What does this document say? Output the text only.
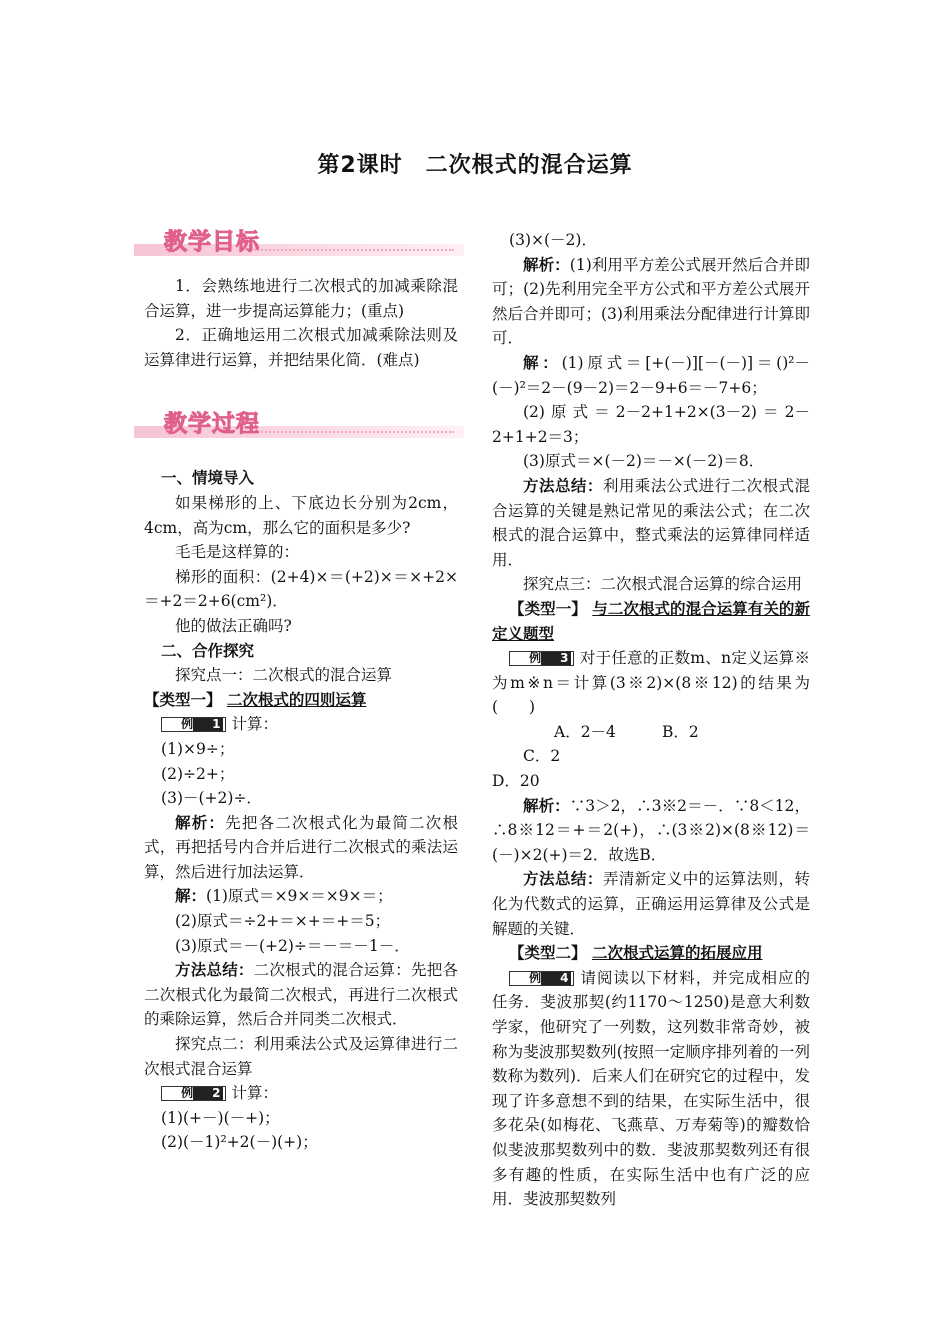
第2课时　二次根式的混合运算
教学目标

1．会熟练地进行二次根式的加减乘除混合运算，进一步提高运算能力；(重点)

2．正确地运用二次根式加减乘除法则及运算律进行运算，并把结果化简．(难点)

教学过程

一、情境导入

如果梯形的上、下底边长分别为2cm，4cm，高为cm，那么它的面积是多少?

毛毛是这样算的：

梯形的面积：(2+4)×＝(+2)×＝×+2×＝+2＝2+6(cm²)．

他的做法正确吗?

二、合作探究

探究点一：二次根式的混合运算

【类型一】 二次根式的四则运算

例 1 计算：

(1)×9÷；

(2)÷2+；

(3)－(+2)÷．

解析：先把各二次根式化为最简二次根式，再把括号内合并后进行二次根式的乘法运算，然后进行加法运算．

解：(1)原式＝×9×＝×9×＝；

(2)原式＝÷2+＝×+＝+＝5；

(3)原式＝－(+2)÷＝－＝－1－．

方法总结：二次根式的混合运算：先把各二次根式化为最简二次根式，再进行二次根式的乘除运算，然后合并同类二次根式．

探究点二：利用乘法公式及运算律进行二次根式混合运算

例 2 计算：

(1)(+－)(－+)；

(2)(－1)²+2(－)(+)；

(3)×(－2)．

解析：(1)利用平方差公式展开然后合并即可；(2)先利用完全平方公式和平方差公式展开然后合并即可；(3)利用乘法分配律进行计算即可．

解：(1)原式＝[+(－)][－(－)]＝()²－(－)²＝2－(9－2)＝2－9+6＝－7+6；

(2)原式＝2－2+1+2×(3－2)＝2－2+1+2＝3；

(3)原式＝×(－2)＝－×(－2)＝8．

方法总结：利用乘法公式进行二次根式混合运算的关键是熟记常见的乘法公式；在二次根式的混合运算中，整式乘法的运算律同样适用．

探究点三：二次根式混合运算的综合运用

【类型一】 与二次根式的混合运算有关的新定义题型

例 3 对于任意的正数m、n定义运算※为m※n＝计算(3※2)×(8※12)的结果为(　　)

A．2－4	B．2C．2

D．20

解析：∵3＞2，∴3※2＝－．∵8＜12，∴8※12＝+＝2(+)，∴(3※2)×(8※12)＝(－)×2(+)＝2．故选B．

方法总结：弄清新定义中的运算法则，转化为代数式的运算，正确运用运算律及公式是解题的关键．

【类型二】 二次根式运算的拓展应用

例 4 请阅读以下材料，并完成相应的任务．斐波那契(约1170～1250)是意大利数学家，他研究了一列数，这列数非常奇妙，被称为斐波那契数列(按照一定顺序排列着的一列数称为数列)．后来人们在研究它的过程中，发现了许多意想不到的结果，在实际生活中，很多花朵(如梅花、飞燕草、万寿菊等)的瓣数恰似斐波那契数列中的数．斐波那契数列还有很多有趣的性质，在实际生活中也有广泛的应用．斐波那契数列
